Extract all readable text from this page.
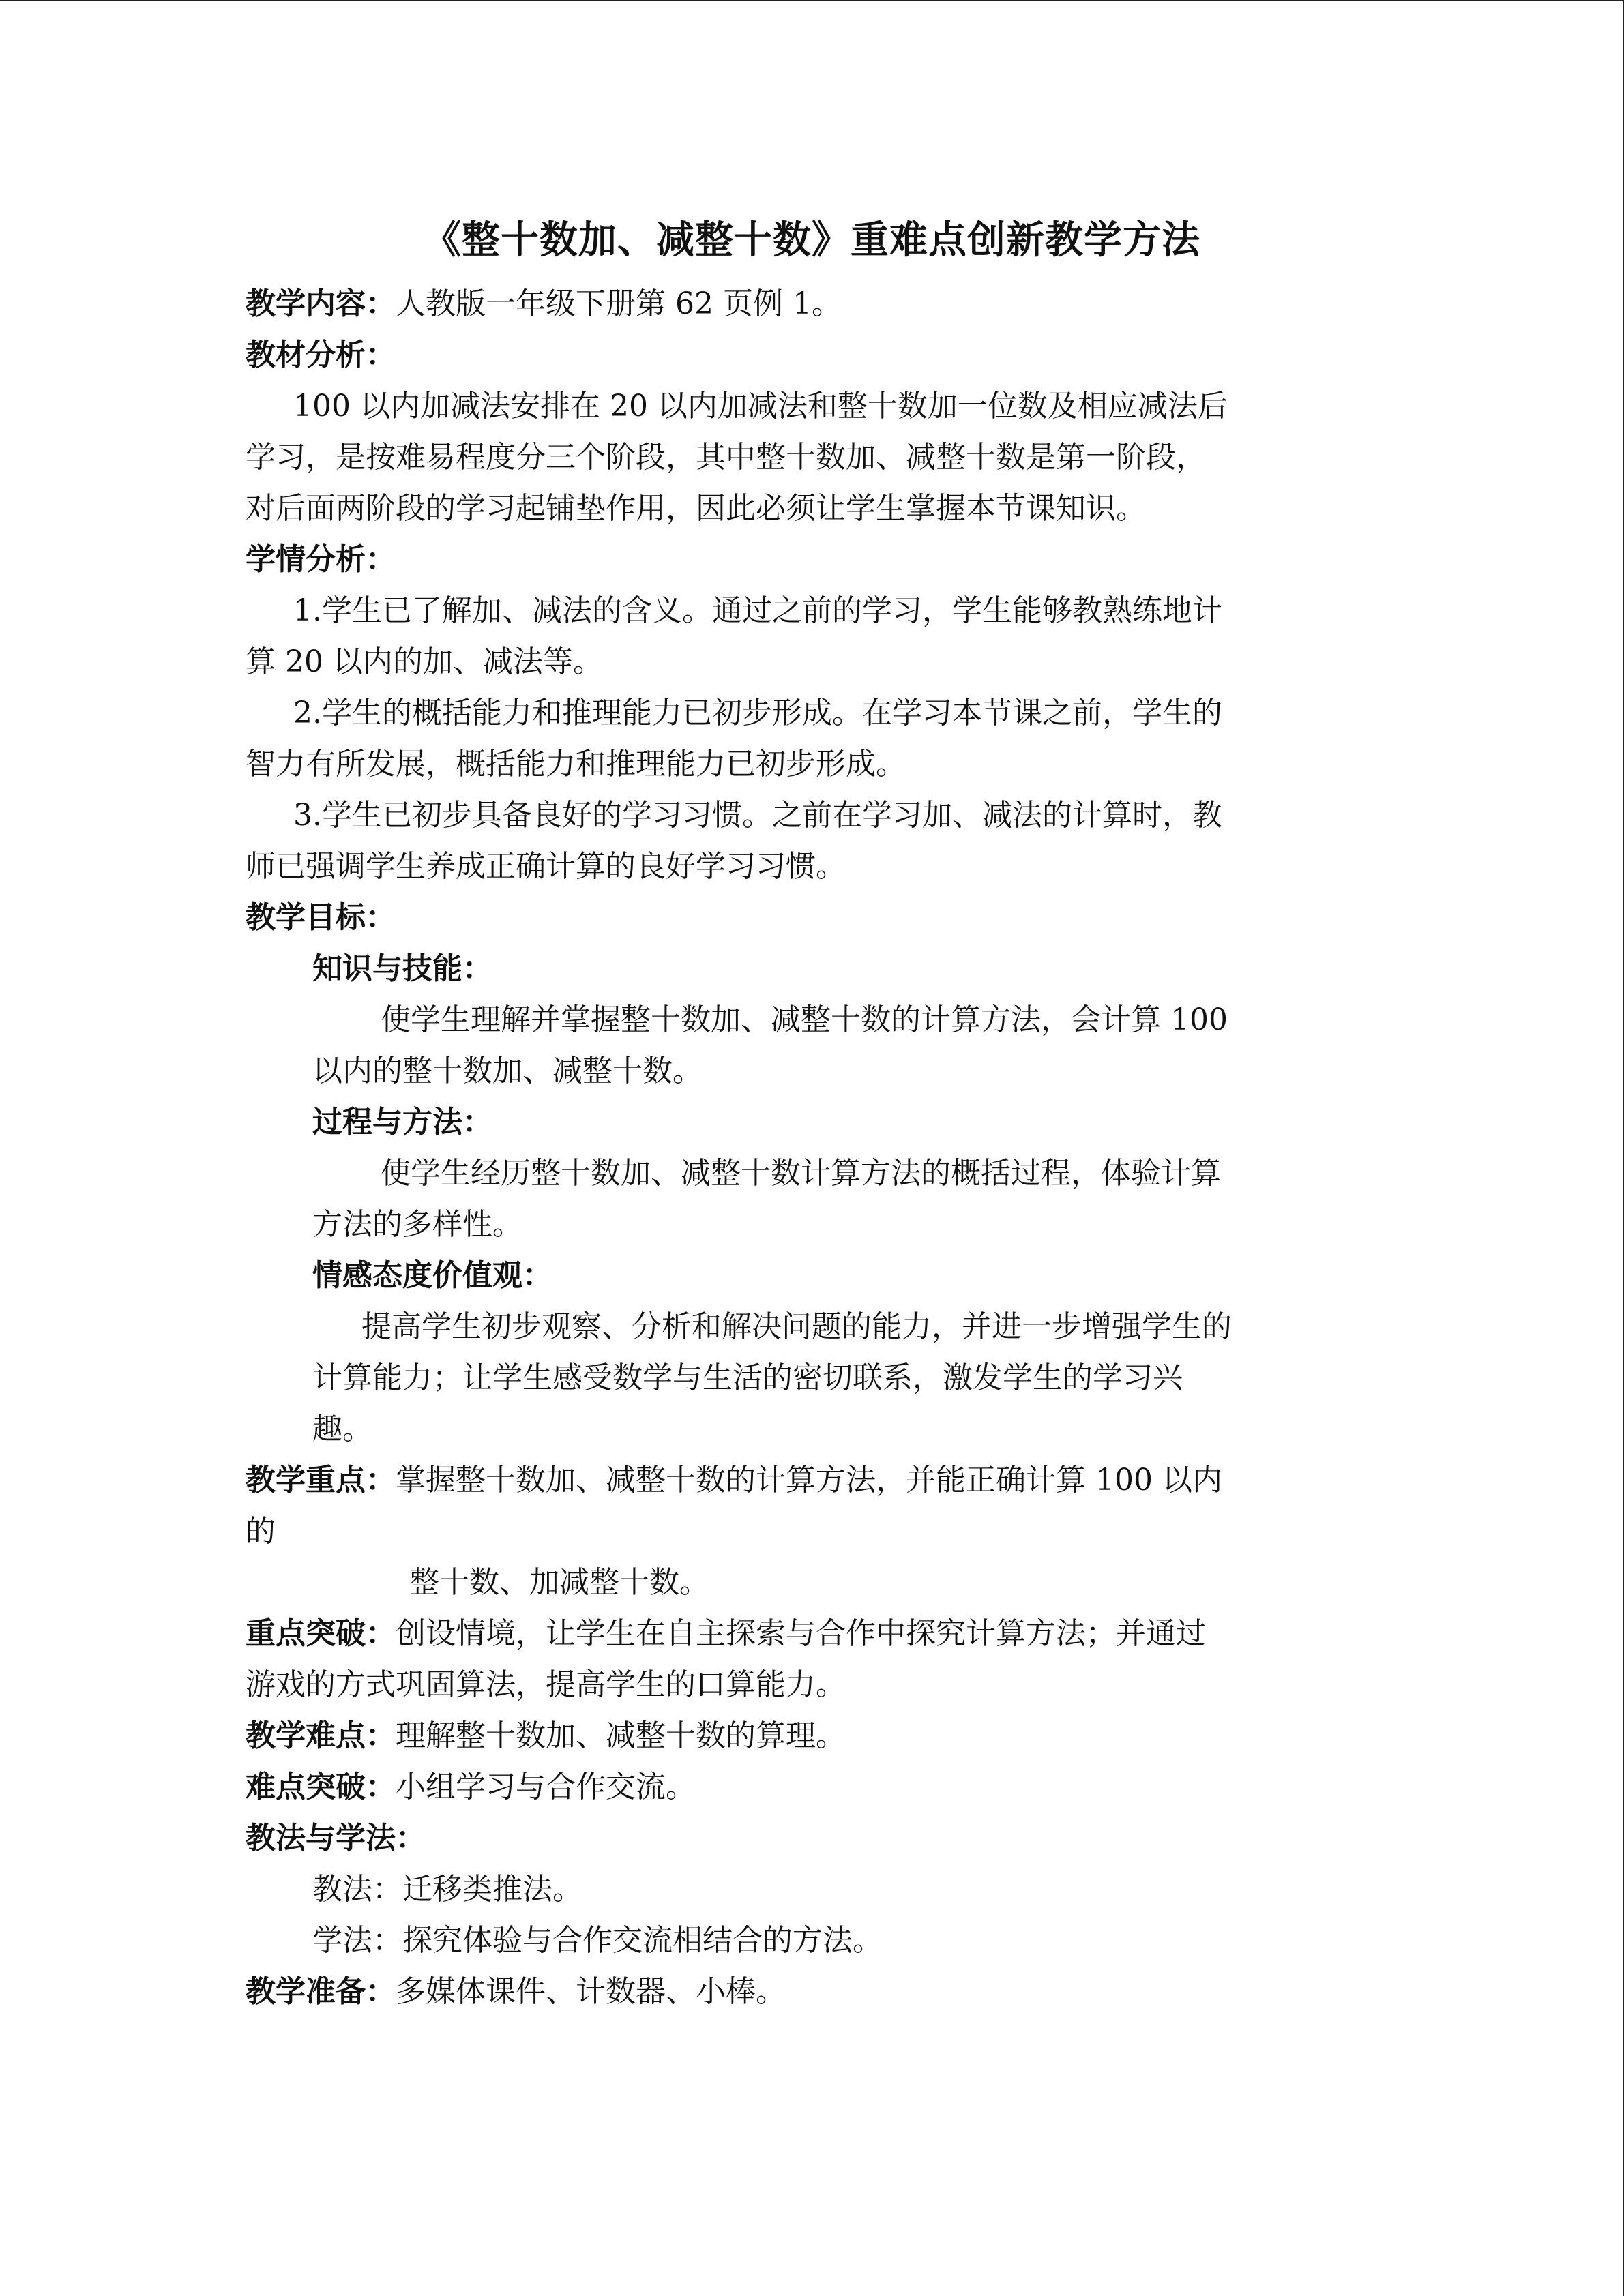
《整十数加、减整十数》重难点创新教学方法

教学内容：人教版一年级下册第 62 页例 1。

教材分析：

100 以内加减法安排在 20 以内加减法和整十数加一位数及相应减法后

学习，是按难易程度分三个阶段，其中整十数加、减整十数是第一阶段，

对后面两阶段的学习起铺垫作用，因此必须让学生掌握本节课知识。

学情分析：

1.学生已了解加、减法的含义。通过之前的学习，学生能够教熟练地计

算 20 以内的加、减法等。

2.学生的概括能力和推理能力已初步形成。在学习本节课之前，学生的

智力有所发展，概括能力和推理能力已初步形成。

3.学生已初步具备良好的学习习惯。之前在学习加、减法的计算时，教

师已强调学生养成正确计算的良好学习习惯。

教学目标：

知识与技能：

使学生理解并掌握整十数加、减整十数的计算方法，会计算 100

以内的整十数加、减整十数。

过程与方法：

使学生经历整十数加、减整十数计算方法的概括过程，体验计算

方法的多样性。

情感态度价值观：

提高学生初步观察、分析和解决问题的能力，并进一步增强学生的

计算能力；让学生感受数学与生活的密切联系，激发学生的学习兴

趣。

教学重点：掌握整十数加、减整十数的计算方法，并能正确计算 100 以内

的

整十数、加减整十数。

重点突破：创设情境，让学生在自主探索与合作中探究计算方法；并通过

游戏的方式巩固算法，提高学生的口算能力。

教学难点：理解整十数加、减整十数的算理。

难点突破：小组学习与合作交流。

教法与学法：

教法：迁移类推法。

学法：探究体验与合作交流相结合的方法。

教学准备：多媒体课件、计数器、小棒。
